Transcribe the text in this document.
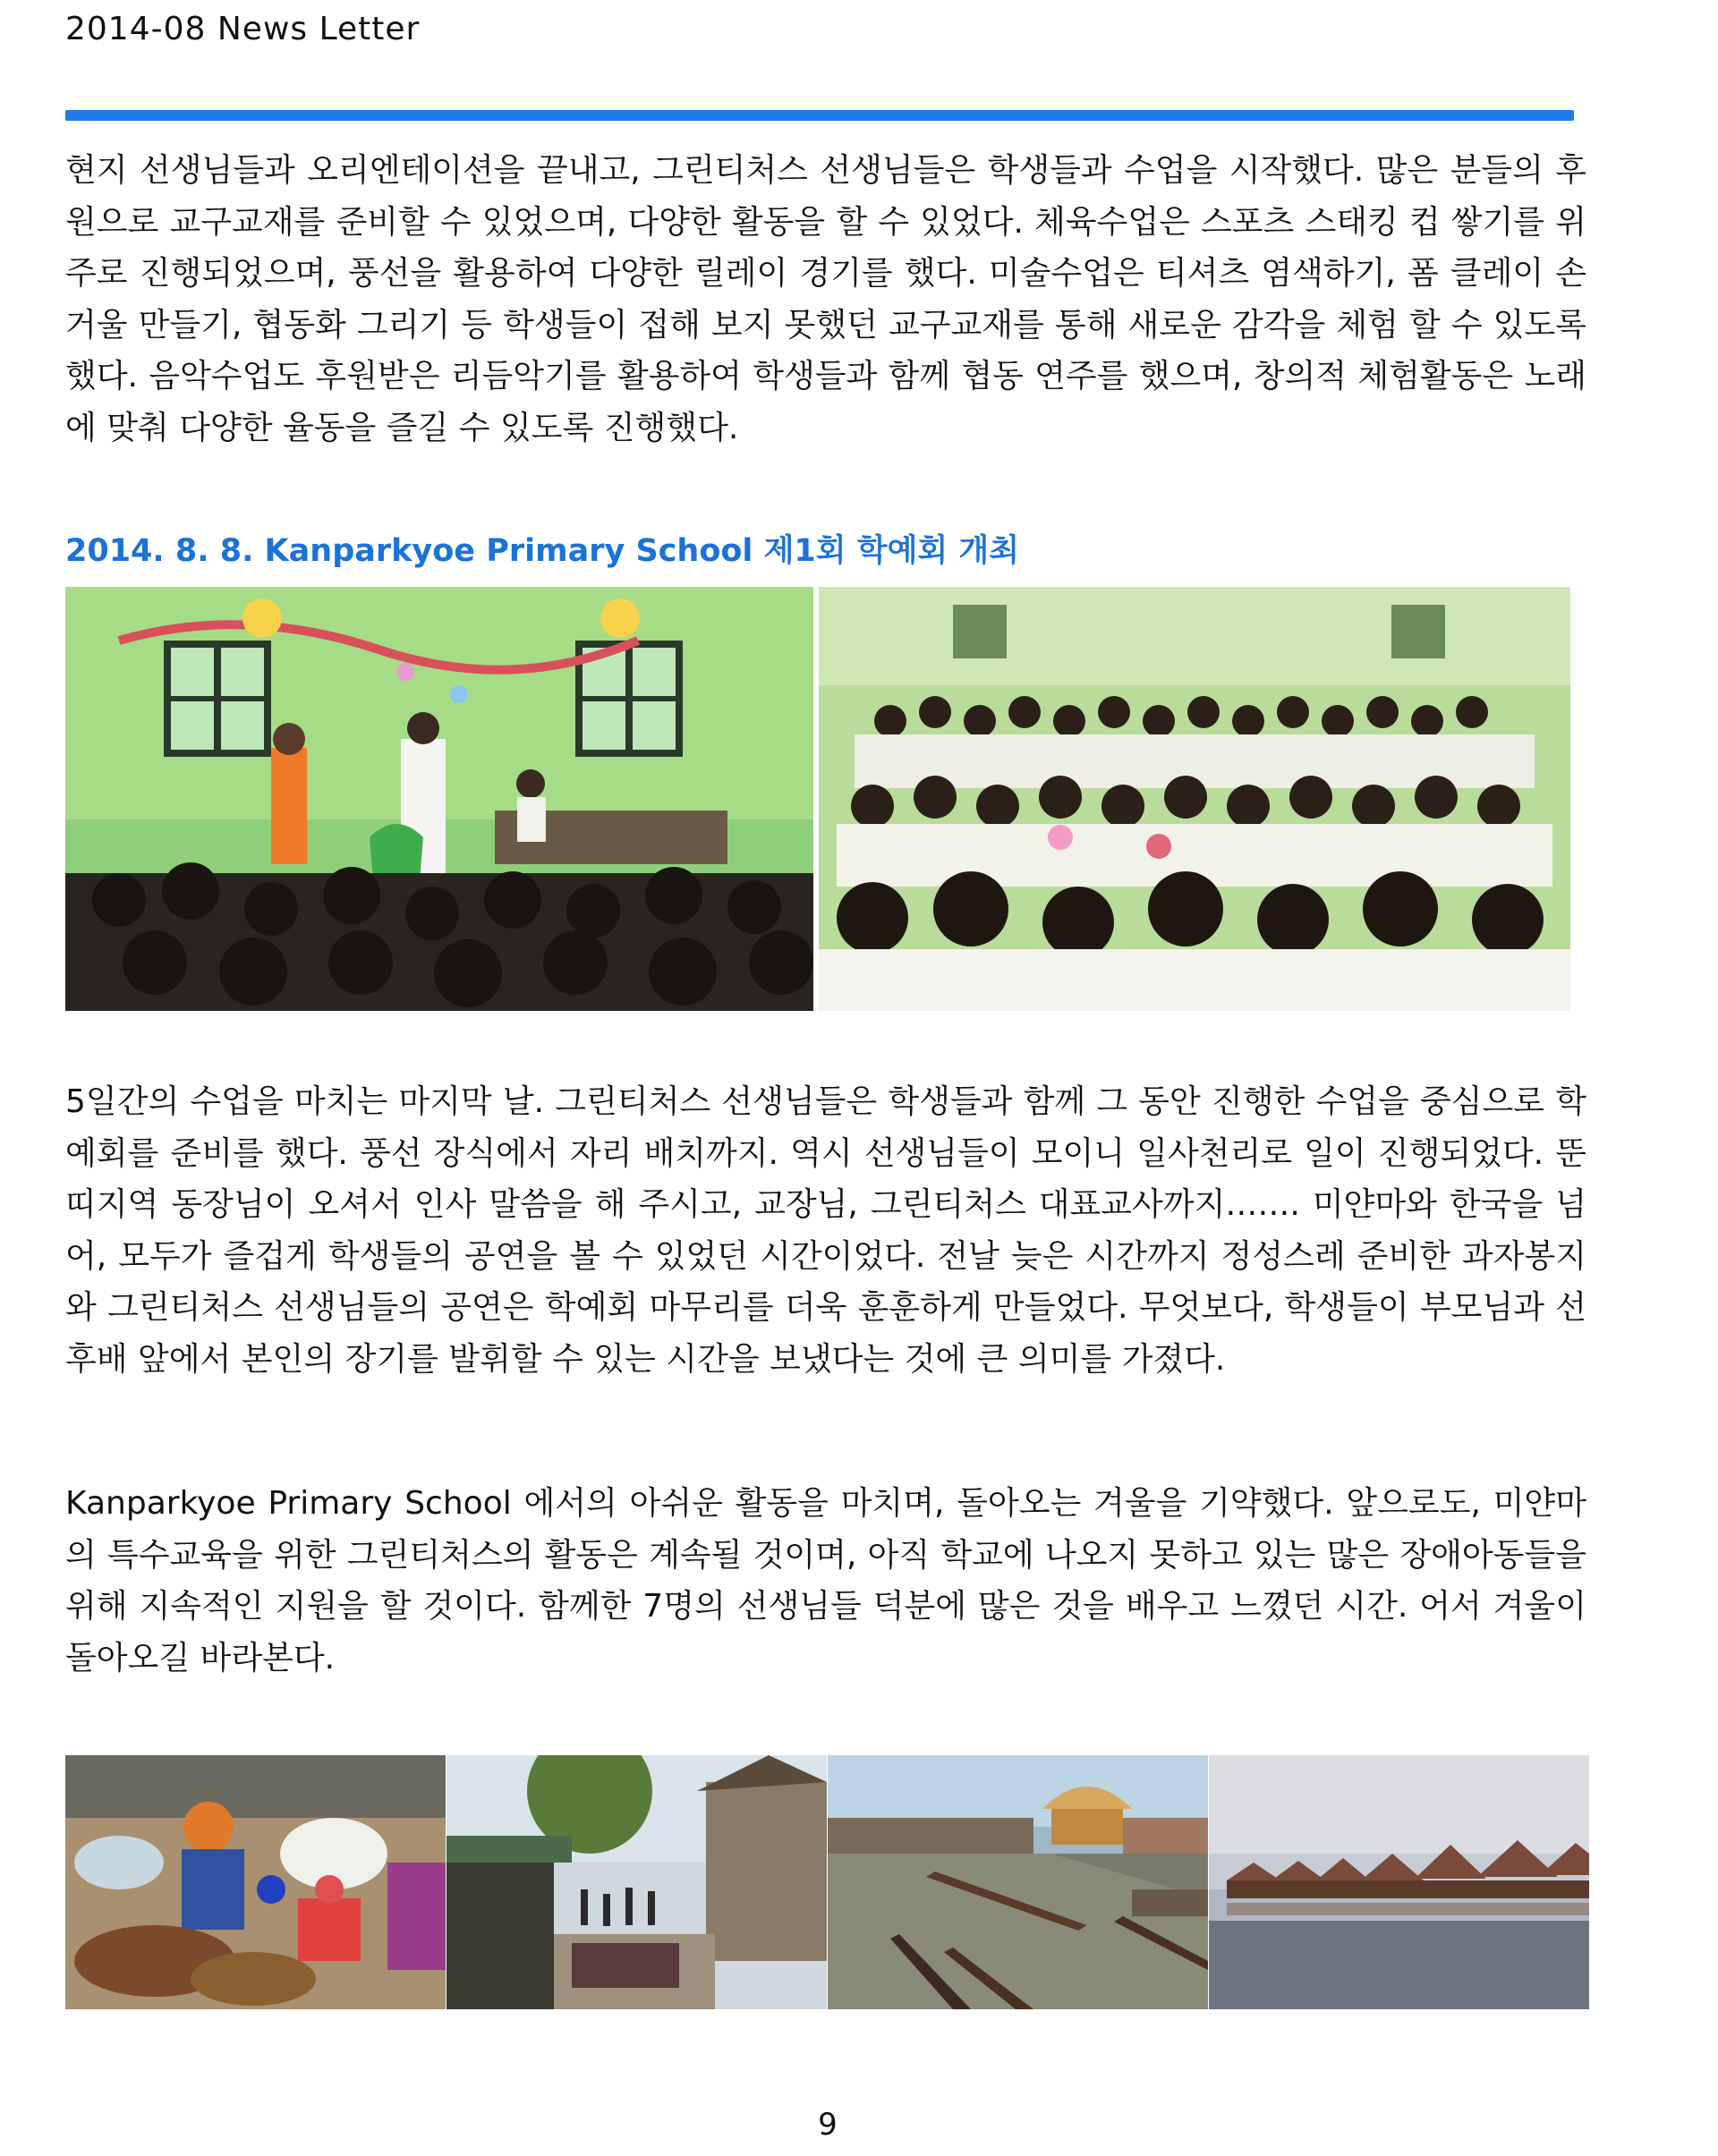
2014-08 News Letter

현지 선생님들과 오리엔테이션을 끝내고, 그린티처스 선생님들은 학생들과 수업을 시작했다. 많은 분들의 후원으로 교구교재를 준비할 수 있었으며, 다양한 활동을 할 수 있었다. 체육수업은 스포츠 스태킹 컵 쌓기를 위주로 진행되었으며, 풍선을 활용하여 다양한 릴레이 경기를 했다. 미술수업은 티셔츠 염색하기, 폼 클레이 손거울 만들기, 협동화 그리기 등 학생들이 접해 보지 못했던 교구교재를 통해 새로운 감각을 체험 할 수 있도록 했다. 음악수업도 후원받은 리듬악기를 활용하여 학생들과 함께 협동 연주를 했으며, 창의적 체험활동은 노래에 맞춰 다양한 율동을 즐길 수 있도록 진행했다.

2014. 8. 8. Kanparkyoe Primary School 제1회 학예회 개최

5일간의 수업을 마치는 마지막 날. 그린티처스 선생님들은 학생들과 함께 그 동안 진행한 수업을 중심으로 학예회를 준비를 했다. 풍선 장식에서 자리 배치까지. 역시 선생님들이 모이니 일사천리로 일이 진행되었다. 뚠띠지역 동장님이 오셔서 인사 말씀을 해 주시고, 교장님, 그린티처스 대표교사까지……. 미얀마와 한국을 넘어, 모두가 즐겁게 학생들의 공연을 볼 수 있었던 시간이었다. 전날 늦은 시간까지 정성스레 준비한 과자봉지와 그린티처스 선생님들의 공연은 학예회 마무리를 더욱 훈훈하게 만들었다. 무엇보다, 학생들이 부모님과 선후배 앞에서 본인의 장기를 발휘할 수 있는 시간을 보냈다는 것에 큰 의미를 가졌다.

Kanparkyoe Primary School 에서의 아쉬운 활동을 마치며, 돌아오는 겨울을 기약했다. 앞으로도, 미얀마의 특수교육을 위한 그린티처스의 활동은 계속될 것이며, 아직 학교에 나오지 못하고 있는 많은 장애아동들을 위해 지속적인 지원을 할 것이다. 함께한 7명의 선생님들 덕분에 많은 것을 배우고 느꼈던 시간. 어서 겨울이 돌아오길 바라본다.

9
